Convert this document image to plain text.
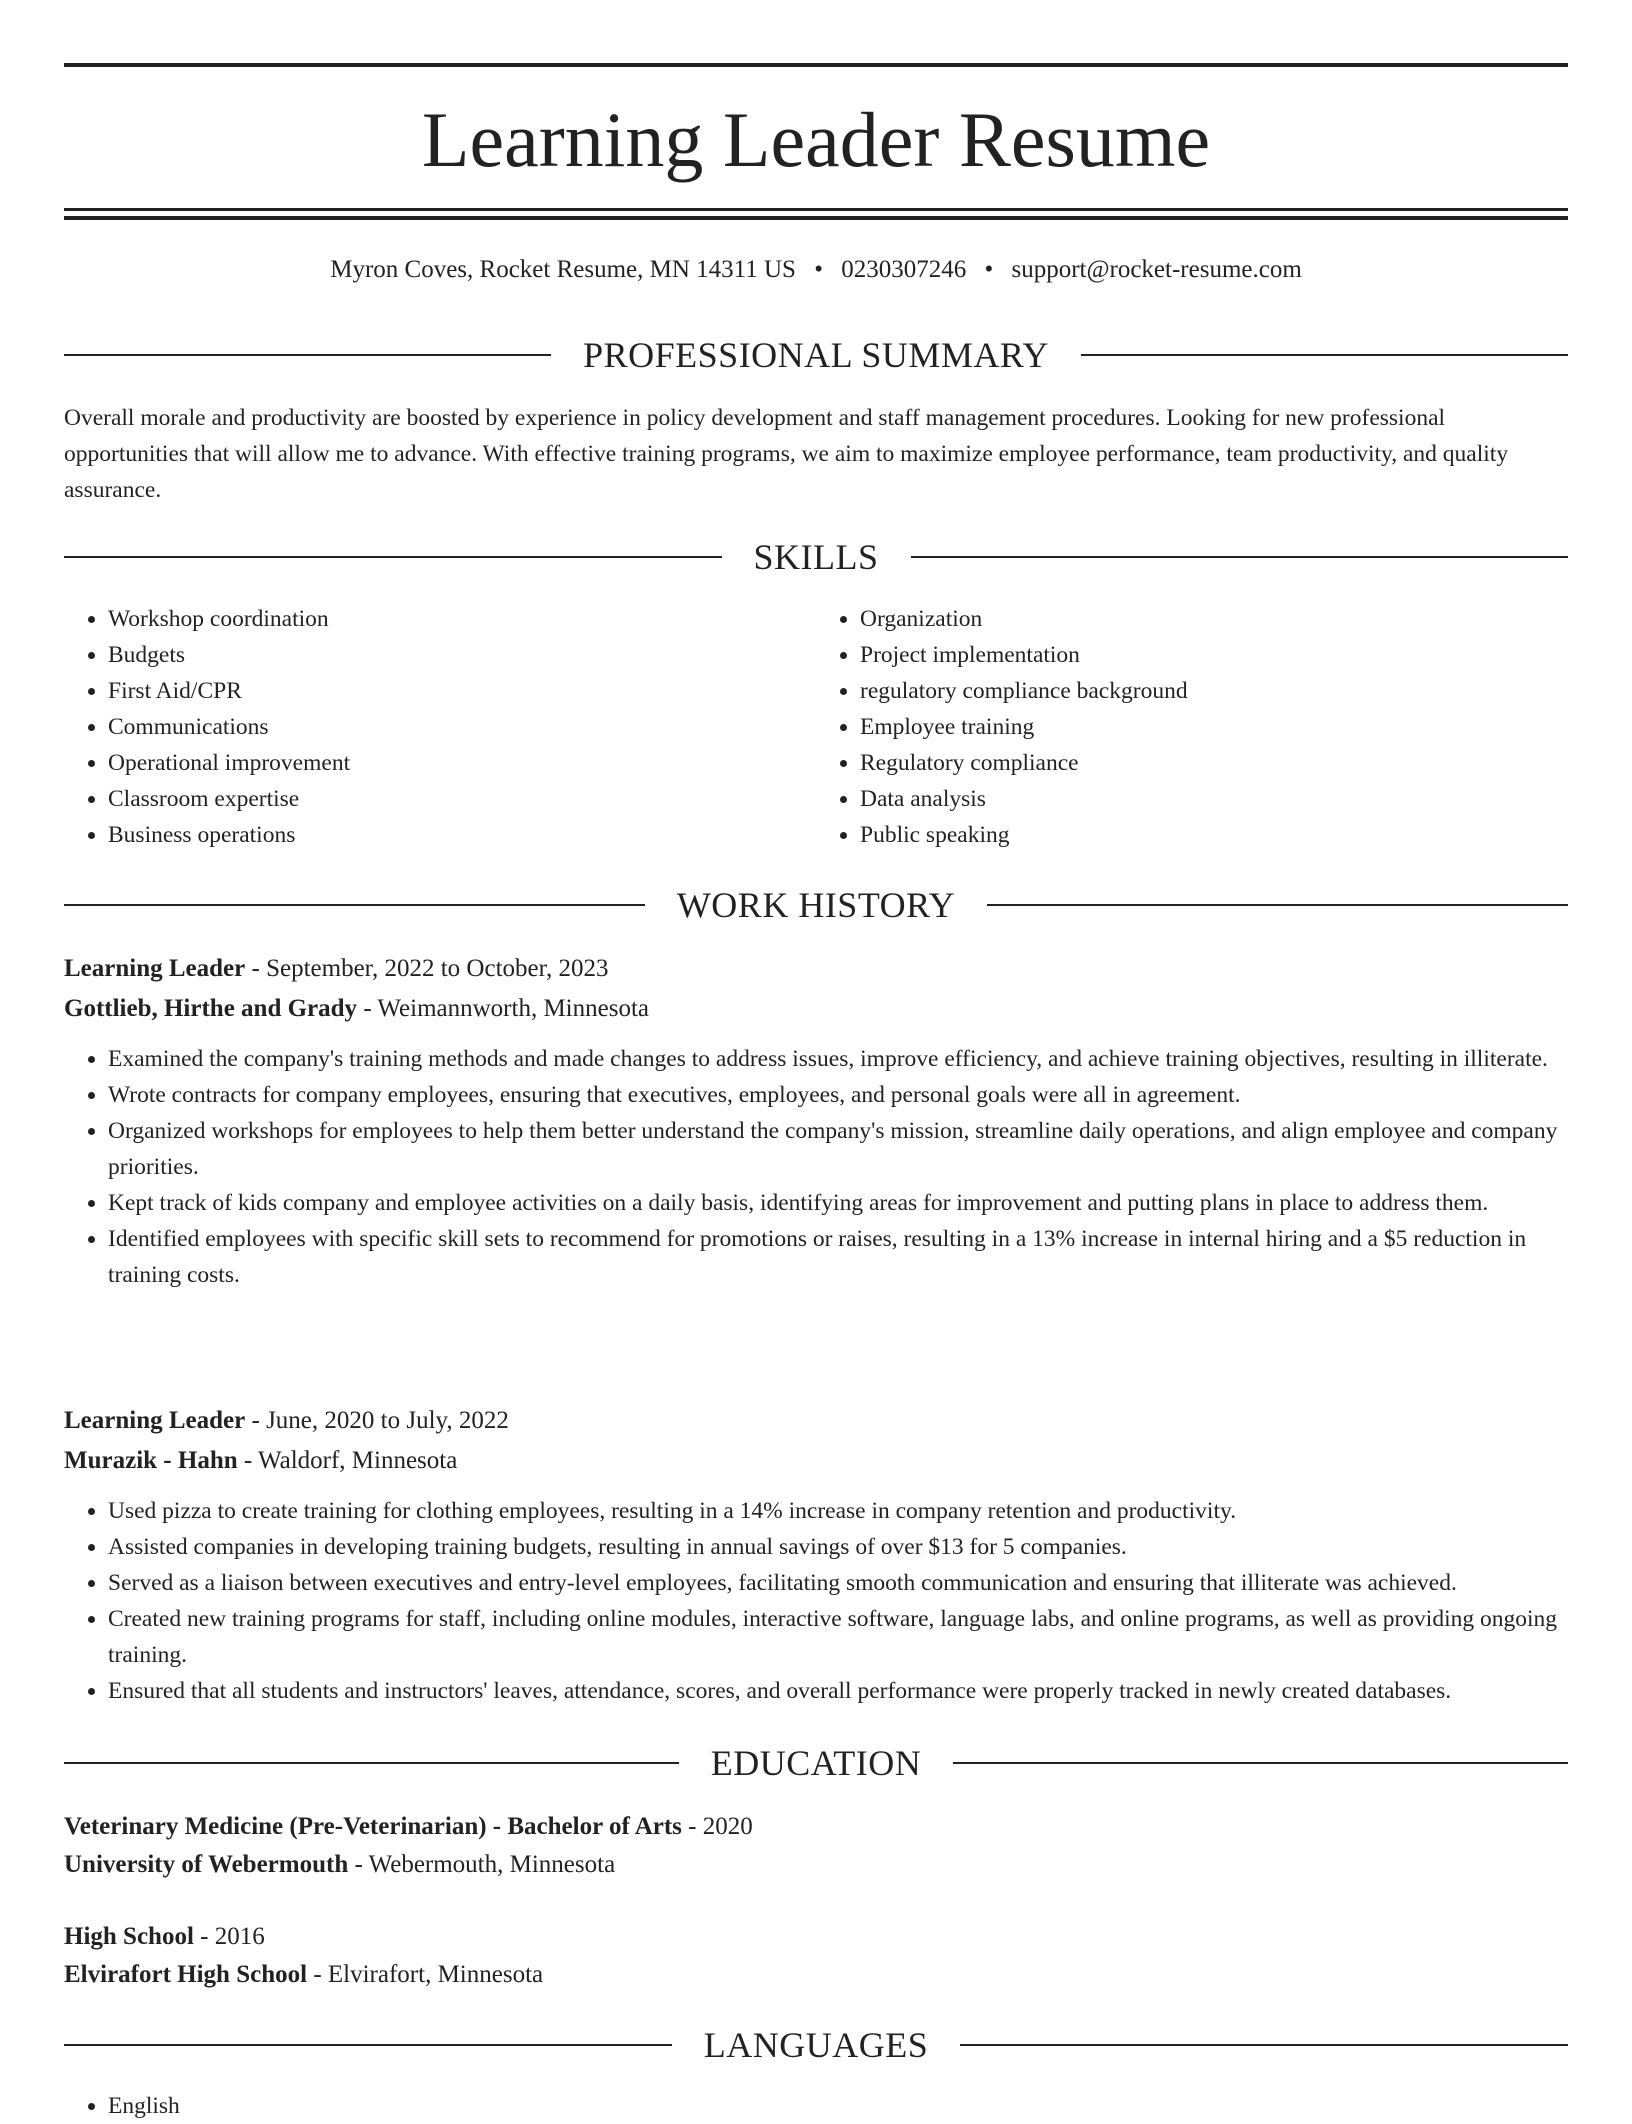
Learning Leader Resume
Myron Coves, Rocket Resume, MN 14311 US • 0230307246 • support@rocket-resume.com
PROFESSIONAL SUMMARY

Overall morale and productivity are boosted by experience in policy development and staff management procedures. Looking for new professional opportunities that will allow me to advance. With effective training programs, we aim to maximize employee performance, team productivity, and quality assurance.

SKILLS
• Workshop coordination
• Budgets
• First Aid/CPR
• Communications
• Operational improvement
• Classroom expertise
• Business operations
• Organization
• Project implementation
• regulatory compliance background
• Employee training
• Regulatory compliance
• Data analysis
• Public speaking
WORK HISTORY

Learning Leader - September, 2022 to October, 2023

Gottlieb, Hirthe and Grady - Weimannworth, Minnesota

• Examined the company's training methods and made changes to address issues, improve efficiency, and achieve training objectives, resulting in illiterate.
• Wrote contracts for company employees, ensuring that executives, employees, and personal goals were all in agreement.
• Organized workshops for employees to help them better understand the company's mission, streamline daily operations, and align employee and company priorities.
• Kept track of kids company and employee activities on a daily basis, identifying areas for improvement and putting plans in place to address them.
• Identified employees with specific skill sets to recommend for promotions or raises, resulting in a 13% increase in internal hiring and a $5 reduction in training costs.

Learning Leader - June, 2020 to July, 2022

Murazik - Hahn - Waldorf, Minnesota

• Used pizza to create training for clothing employees, resulting in a 14% increase in company retention and productivity.
• Assisted companies in developing training budgets, resulting in annual savings of over $13 for 5 companies.
• Served as a liaison between executives and entry-level employees, facilitating smooth communication and ensuring that illiterate was achieved.
• Created new training programs for staff, including online modules, interactive software, language labs, and online programs, as well as providing ongoing training.
• Ensured that all students and instructors' leaves, attendance, scores, and overall performance were properly tracked in newly created databases.
EDUCATION

Veterinary Medicine (Pre-Veterinarian) - Bachelor of Arts - 2020

University of Webermouth - Webermouth, Minnesota

High School - 2016

Elvirafort High School - Elvirafort, Minnesota

LANGUAGES
• English
